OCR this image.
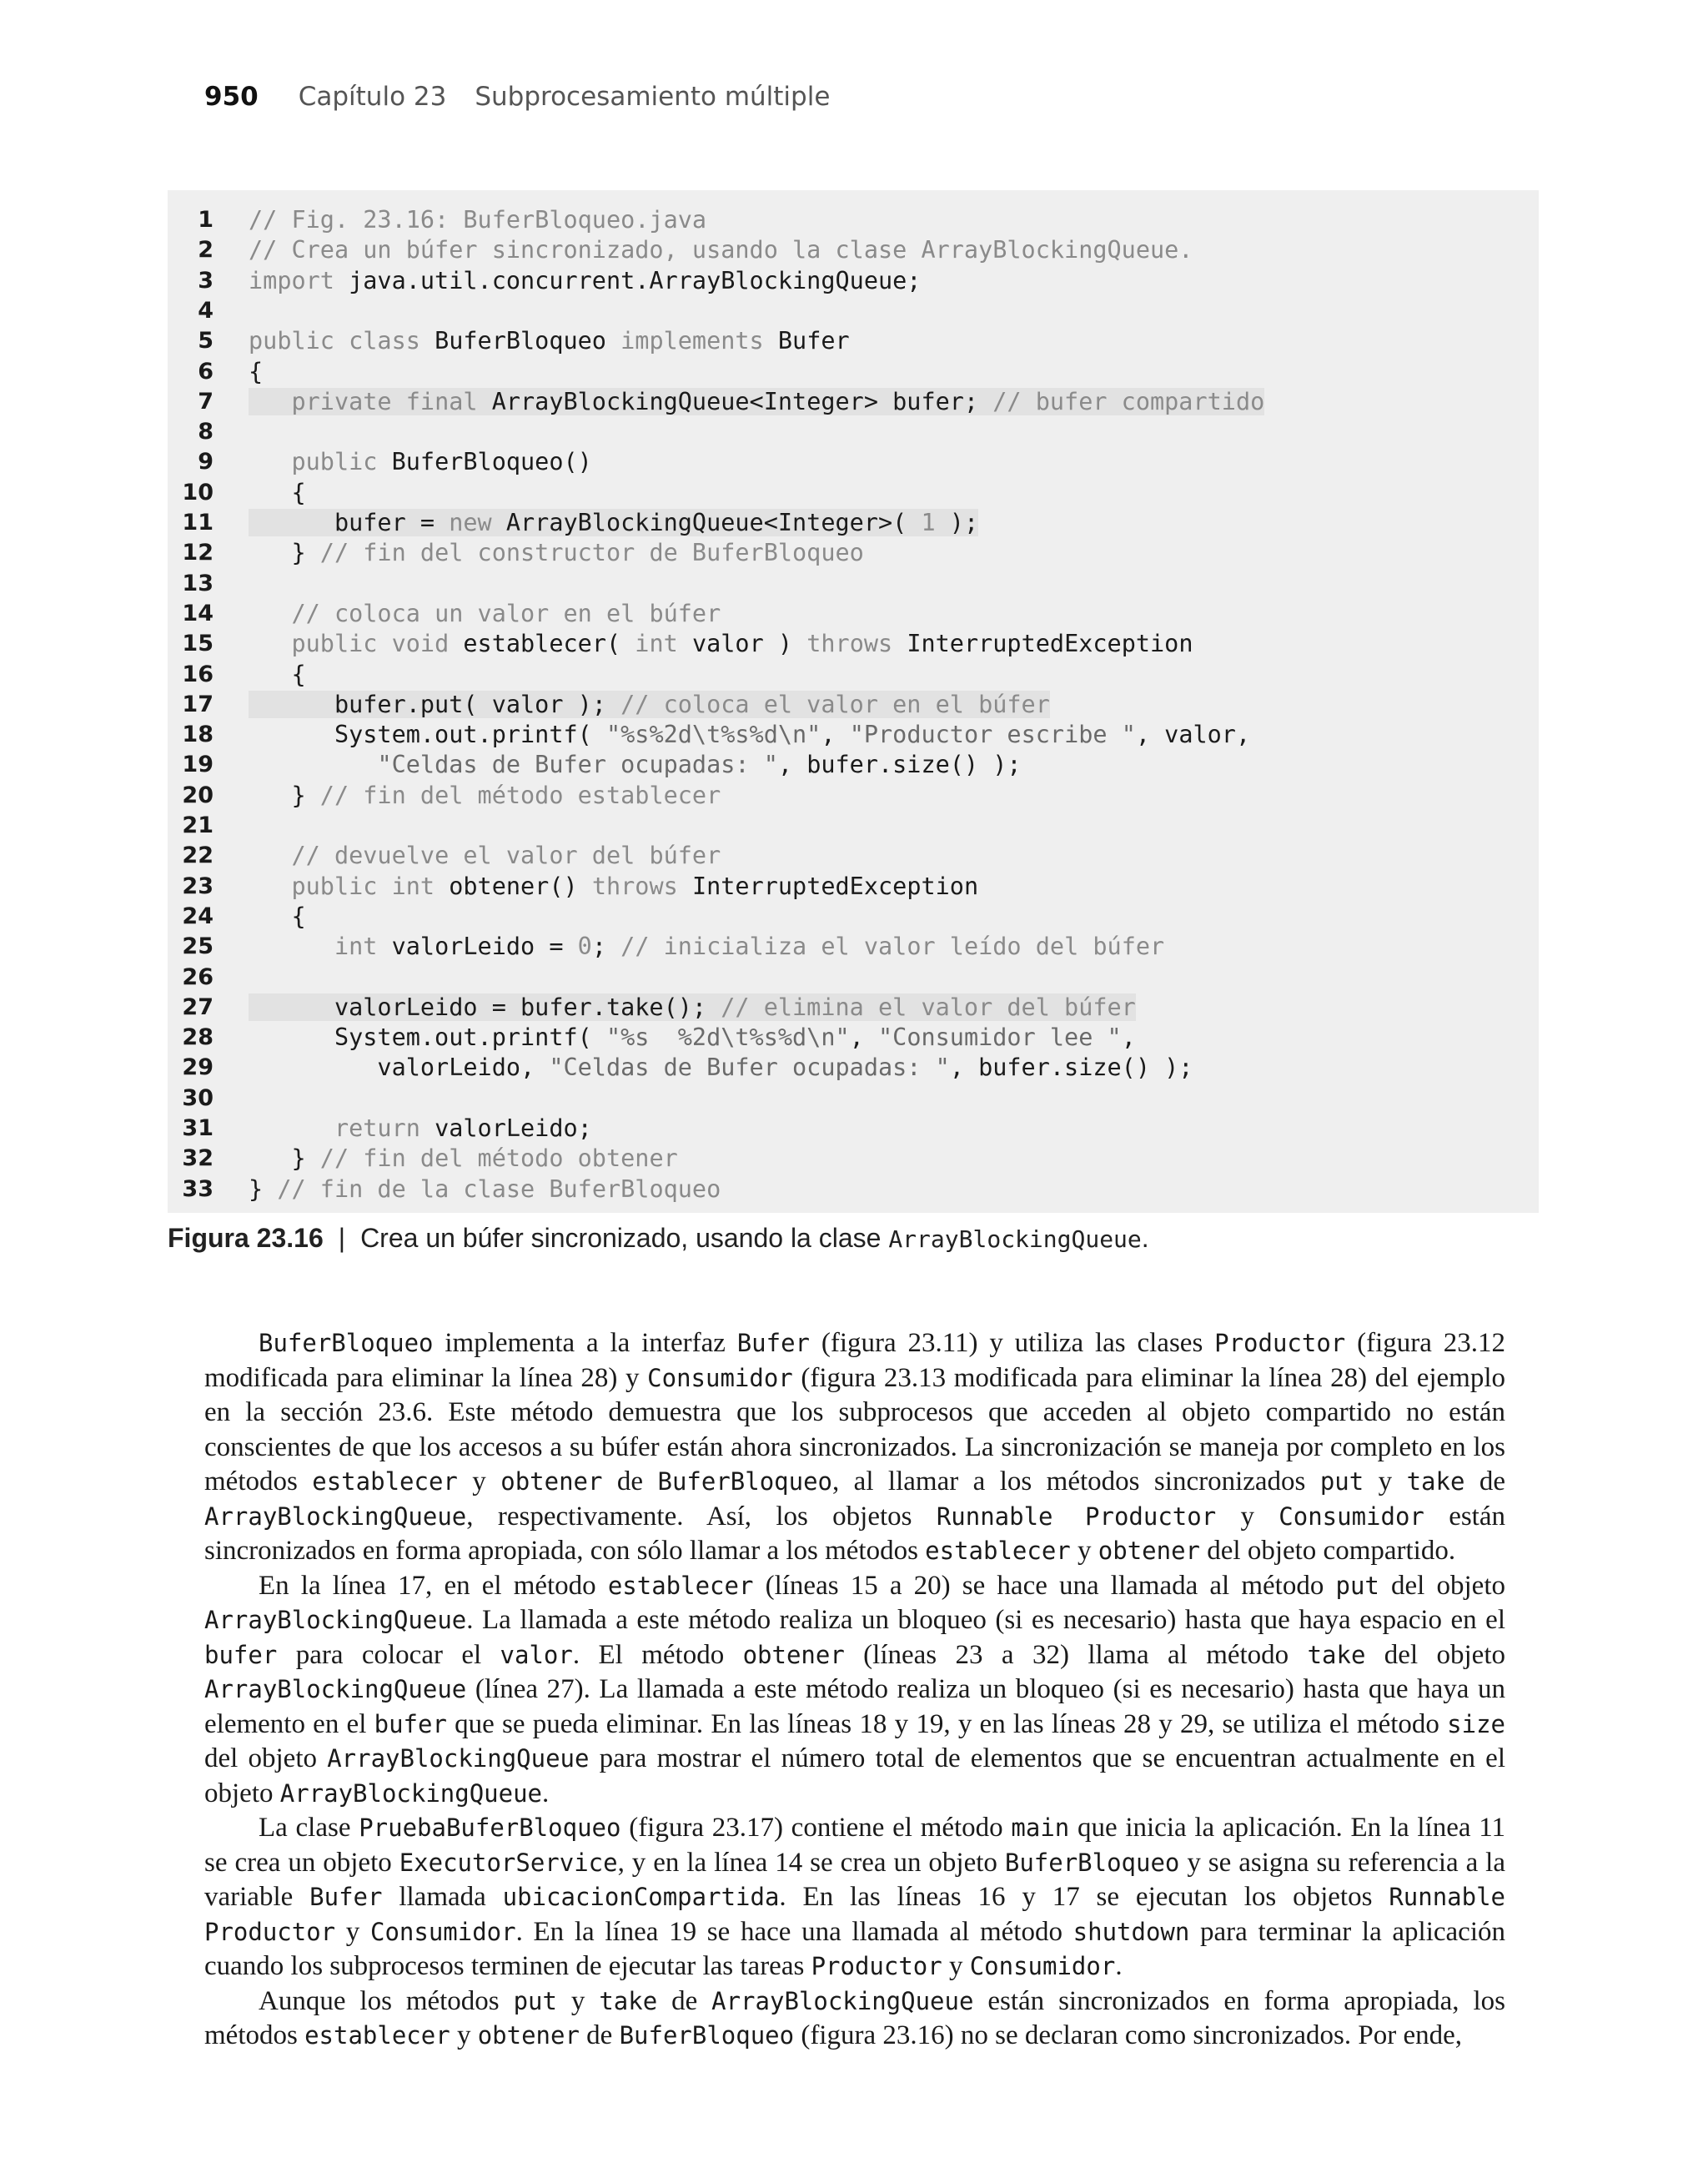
950 Capítulo 23 Subprocesamiento múltiple
1 // Fig. 23.16: BuferBloqueo.java
2 // Crea un búfer sincronizado, usando la clase ArrayBlockingQueue.
3 import java.util.concurrent.ArrayBlockingQueue;
4
5 public class BuferBloqueo implements Bufer
6 {
7	private final ArrayBlockingQueue<Integer> bufer; // bufer compartido
8
9	public BuferBloqueo()
10 {
11 bufer = new ArrayBlockingQueue<Integer>( 1 );
12 } // fin del constructor de BuferBloqueo
13
14	// coloca un valor en el búfer
15	public void establecer( int valor ) throws InterruptedException
16 {
17 bufer.put( valor ); // coloca el valor en el búfer
18 System.out.printf( "%s%2d\t%s%d\n", "Productor escribe ", valor,
19	"Celdas de Bufer ocupadas: ", bufer.size() );
20 } // fin del método establecer
21
22	// devuelve el valor del búfer
23	public int obtener() throws InterruptedException
24 {
25	int valorLeido = 0; // inicializa el valor leído del búfer
26
27 valorLeido = bufer.take(); // elimina el valor del búfer
28 System.out.printf( "%s  %2d\t%s%d\n", "Consumidor lee ",
29 valorLeido, "Celdas de Bufer ocupadas: ", bufer.size() );
30
31	return valorLeido;
32 } // fin del método obtener
33 } // fin de la clase BuferBloqueo
Figura 23.16 | Crea un búfer sincronizado, usando la clase ArrayBlockingQueue.

BuferBloqueo implementa a la interfaz Bufer (figura 23.11) y utiliza las clases Productor (figura 23.12 modificada para eliminar la línea 28) y Consumidor (figura 23.13 modificada para eliminar la línea 28) del ejemplo en la sección 23.6. Este método demuestra que los subprocesos que acceden al objeto compartido no están conscientes de que los accesos a su búfer están ahora sincronizados. La sincronización se maneja por completo en los métodos establecer y obtener de BuferBloqueo, al llamar a los métodos sincronizados put y take de ArrayBlockingQueue, respectivamente. Así, los objetos Runnable Productor y Consumidor están sincronizados en forma apropiada, con sólo llamar a los métodos establecer y obtener del objeto compartido.

En la línea 17, en el método establecer (líneas 15 a 20) se hace una llamada al método put del objeto ArrayBlockingQueue. La llamada a este método realiza un bloqueo (si es necesario) hasta que haya espacio en el bufer para colocar el valor. El método obtener (líneas 23 a 32) llama al método take del objeto ArrayBlockingQueue (línea 27). La llamada a este método realiza un bloqueo (si es necesario) hasta que haya un elemento en el bufer que se pueda eliminar. En las líneas 18 y 19, y en las líneas 28 y 29, se utiliza el método size del objeto ArrayBlockingQueue para mostrar el número total de elementos que se encuentran actualmente en el objeto ArrayBlockingQueue.

La clase PruebaBuferBloqueo (figura 23.17) contiene el método main que inicia la aplicación. En la línea 11 se crea un objeto ExecutorService, y en la línea 14 se crea un objeto BuferBloqueo y se asigna su referencia a la variable Bufer llamada ubicacionCompartida. En las líneas 16 y 17 se ejecutan los objetos Runnable Productor y Consumidor. En la línea 19 se hace una llamada al método shutdown para terminar la aplicación cuando los subprocesos terminen de ejecutar las tareas Productor y Consumidor.

Aunque los métodos put y take de ArrayBlockingQueue están sincronizados en forma apropiada, los métodos establecer y obtener de BuferBloqueo (figura 23.16) no se declaran como sincronizados. Por ende,
